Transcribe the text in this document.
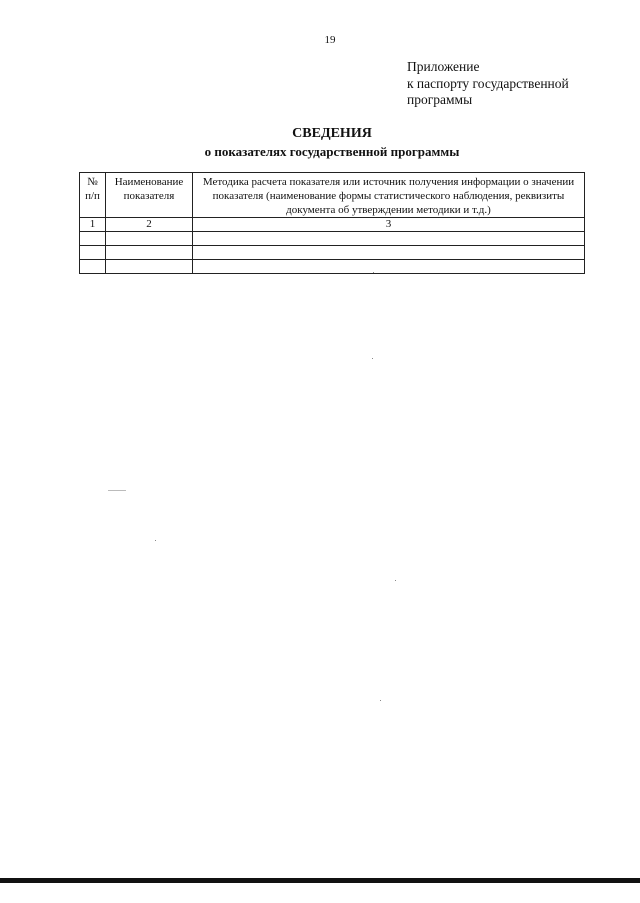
19
Приложение
к паспорту государственной
программы
СВЕДЕНИЯ
о показателях государственной программы
№ п/п	Наименование показателя	Методика расчета показателя или источник получения информации о значении показателя (наименование формы статистического наблюдения, реквизиты документа об утверждении методики и т.д.)
1	2	3
